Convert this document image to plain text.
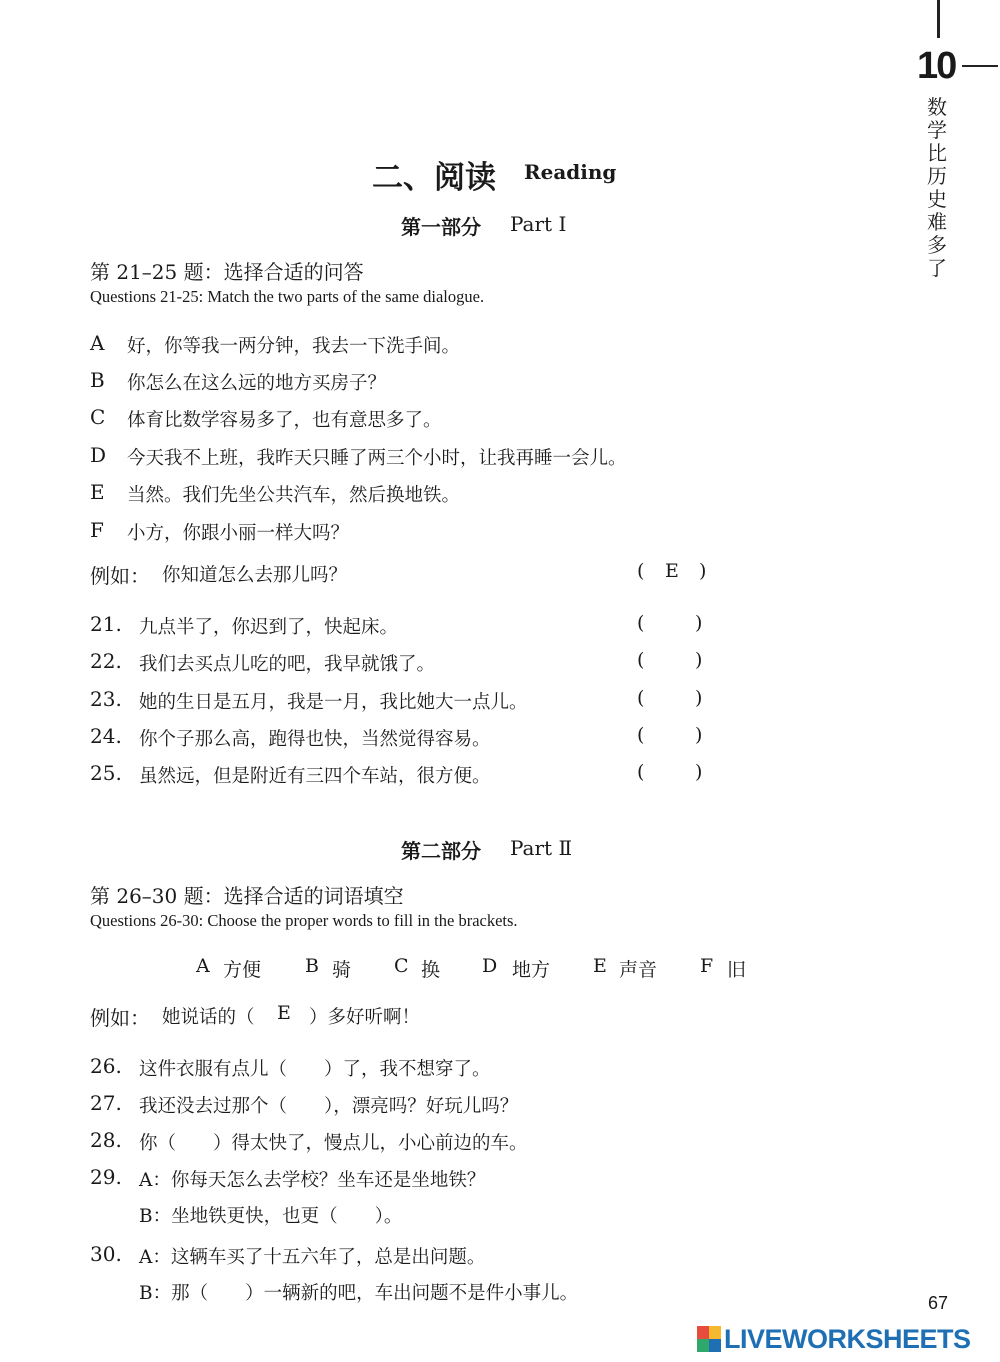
10
数学比历史难多了
二、阅读 Reading
第一部分 Part Ⅰ
第 21–25 题：选择合适的问答
Questions 21-25: Match the two parts of the same dialogue.
A 好，你等我一两分钟，我去一下洗手间。
B 你怎么在这么远的地方买房子？
C 体育比数学容易多了，也有意思多了。
D 今天我不上班，我昨天只睡了两三个小时，让我再睡一会儿。
E 当然。我们先坐公共汽车，然后换地铁。
F 小方，你跟小丽一样大吗？
例如： 你知道怎么去那儿吗？	( E )
21. 九点半了，你迟到了，快起床。	(	)
22. 我们去买点儿吃的吧，我早就饿了。	(	)
23. 她的生日是五月，我是一月，我比她大一点儿。	(	)
24. 你个子那么高，跑得也快，当然觉得容易。	(	)
25. 虽然远，但是附近有三四个车站，很方便。	(	)
第二部分 Part Ⅱ
第 26–30 题：选择合适的词语填空
Questions 26-30: Choose the proper words to fill in the brackets.
A 方便 B 骑 C 换 D 地方 E 声音 F 旧
例如： 她说话的（ E ）多好听啊！
26. 这件衣服有点儿（　　）了，我不想穿了。
27. 我还没去过那个（　　），漂亮吗？好玩儿吗？
28. 你（　　）得太快了，慢点儿，小心前边的车。
29. A：你每天怎么去学校？坐车还是坐地铁？
B：坐地铁更快，也更（　　）。
30. A：这辆车买了十五六年了，总是出问题。
B：那（　　）一辆新的吧，车出问题不是件小事儿。	67
LIVEWORKSHEETS
